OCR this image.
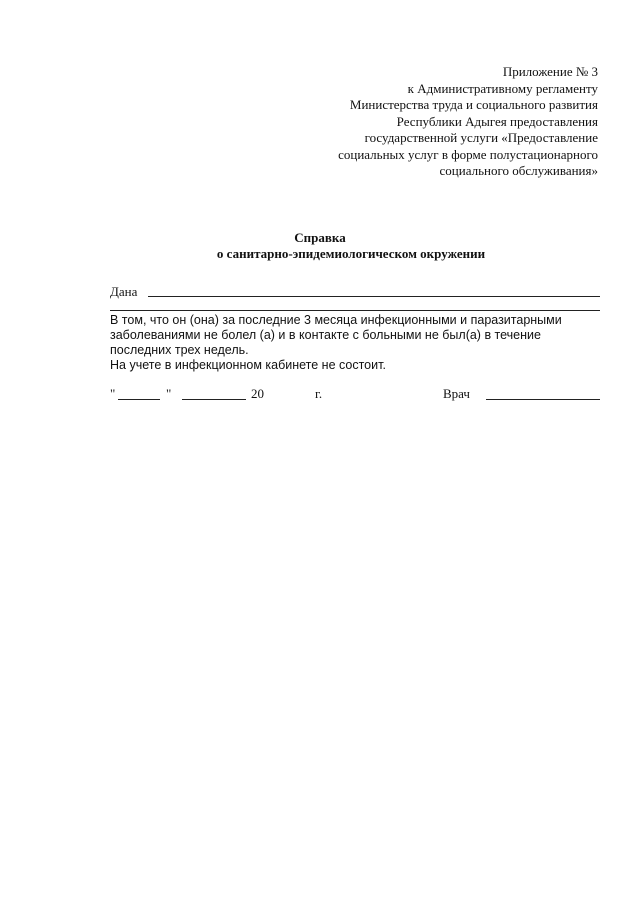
Приложение № 3
к Административному регламенту
Министерства труда и социального развития
Республики Адыгея предоставления
государственной услуги «Предоставление
социальных услуг в форме полустационарного
социального обслуживания»
Справка
о санитарно-эпидемиологическом окружении
Дана

В том, что он (она) за последние 3 месяца инфекционными и паразитарными заболеваниями не болел (а) и в контакте с больными не был(а) в течение последних трех недель.

На учете в инфекционном кабинете не состоит.

"	"	20	г.	Врач
